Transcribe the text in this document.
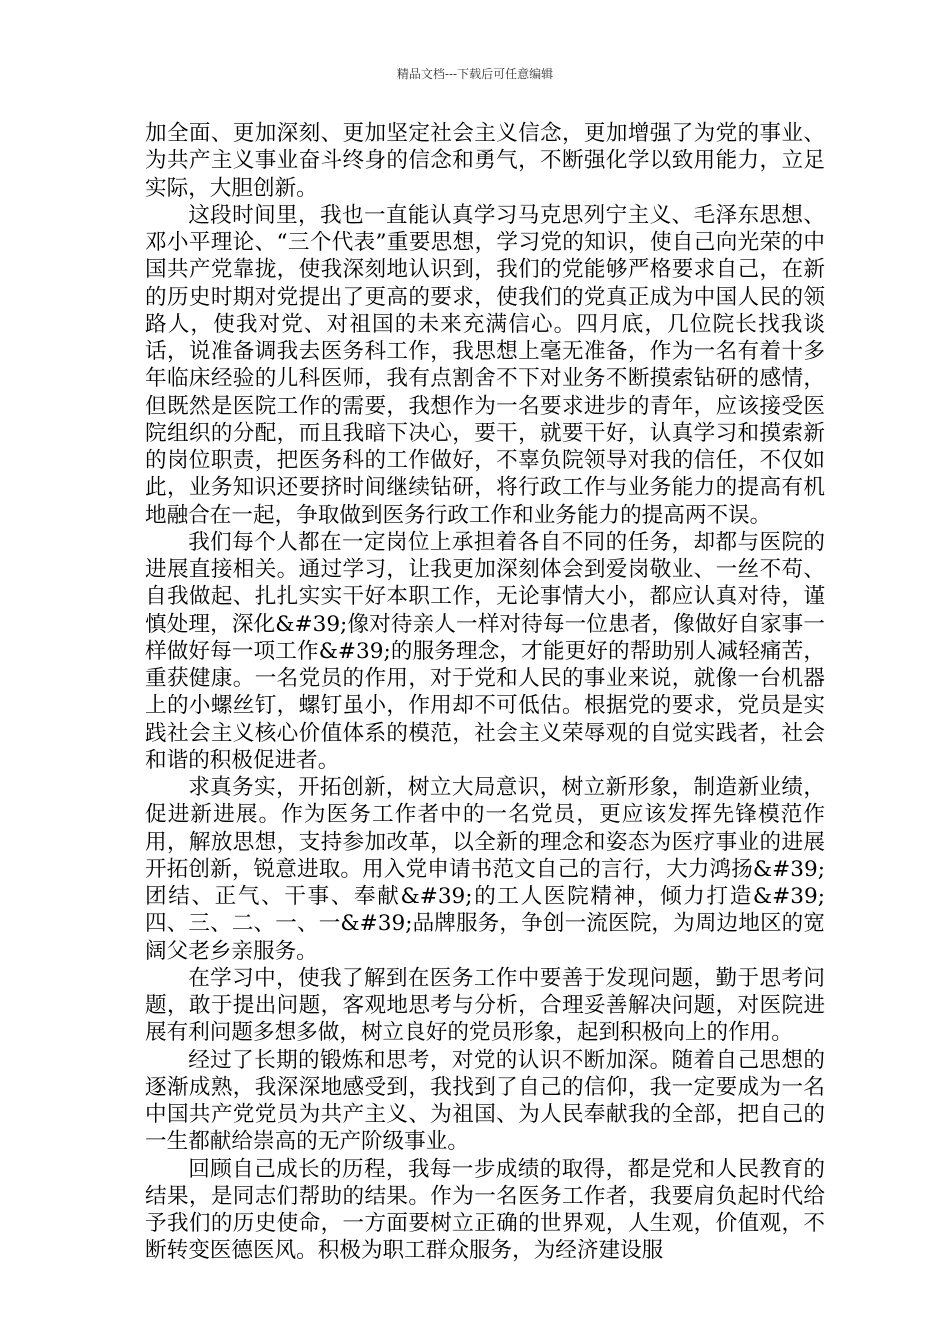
精品文档---下载后可任意编辑

加全面、更加深刻、更加坚定社会主义信念，更加增强了为党的事业、为共产主义事业奋斗终身的信念和勇气，不断强化学以致用能力，立足实际，大胆创新。

这段时间里，我也一直能认真学习马克思列宁主义、毛泽东思想、邓小平理论、“三个代表”重要思想，学习党的知识，使自己向光荣的中国共产党靠拢，使我深刻地认识到，我们的党能够严格要求自己，在新的历史时期对党提出了更高的要求，使我们的党真正成为中国人民的领路人，使我对党、对祖国的未来充满信心。四月底，几位院长找我谈话，说准备调我去医务科工作，我思想上毫无准备，作为一名有着十多年临床经验的儿科医师，我有点割舍不下对业务不断摸索钻研的感情，但既然是医院工作的需要，我想作为一名要求进步的青年，应该接受医院组织的分配，而且我暗下决心，要干，就要干好，认真学习和摸索新的岗位职责，把医务科的工作做好，不辜负院领导对我的信任，不仅如此，业务知识还要挤时间继续钻研，将行政工作与业务能力的提高有机地融合在一起，争取做到医务行政工作和业务能力的提高两不误。

我们每个人都在一定岗位上承担着各自不同的任务，却都与医院的进展直接相关。通过学习，让我更加深刻体会到爱岗敬业、一丝不苟、自我做起、扎扎实实干好本职工作，无论事情大小，都应认真对待，谨慎处理，深化&#39;像对待亲人一样对待每一位患者，像做好自家事一样做好每一项工作&#39;的服务理念，才能更好的帮助别人减轻痛苦，重获健康。一名党员的作用，对于党和人民的事业来说，就像一台机器上的小螺丝钉，螺钉虽小，作用却不可低估。根据党的要求，党员是实践社会主义核心价值体系的模范，社会主义荣辱观的自觉实践者，社会和谐的积极促进者。

求真务实，开拓创新，树立大局意识，树立新形象，制造新业绩，促进新进展。作为医务工作者中的一名党员，更应该发挥先锋模范作用，解放思想，支持参加改革，以全新的理念和姿态为医疗事业的进展开拓创新，锐意进取。用入党申请书范文自己的言行，大力鸿扬&#39;团结、正气、干事、奉献&#39;的工人医院精神，倾力打造&#39;四、三、二、一、一&#39;品牌服务，争创一流医院，为周边地区的宽阔父老乡亲服务。

在学习中，使我了解到在医务工作中要善于发现问题，勤于思考问题，敢于提出问题，客观地思考与分析，合理妥善解决问题，对医院进展有利问题多想多做，树立良好的党员形象，起到积极向上的作用。

经过了长期的锻炼和思考，对党的认识不断加深。随着自己思想的逐渐成熟，我深深地感受到，我找到了自己的信仰，我一定要成为一名中国共产党党员为共产主义、为祖国、为人民奉献我的全部，把自己的一生都献给崇高的无产阶级事业。

回顾自己成长的历程，我每一步成绩的取得，都是党和人民教育的结果，是同志们帮助的结果。作为一名医务工作者，我要肩负起时代给予我们的历史使命，一方面要树立正确的世界观，人生观，价值观，不断转变医德医风。积极为职工群众服务，为经济建设服
